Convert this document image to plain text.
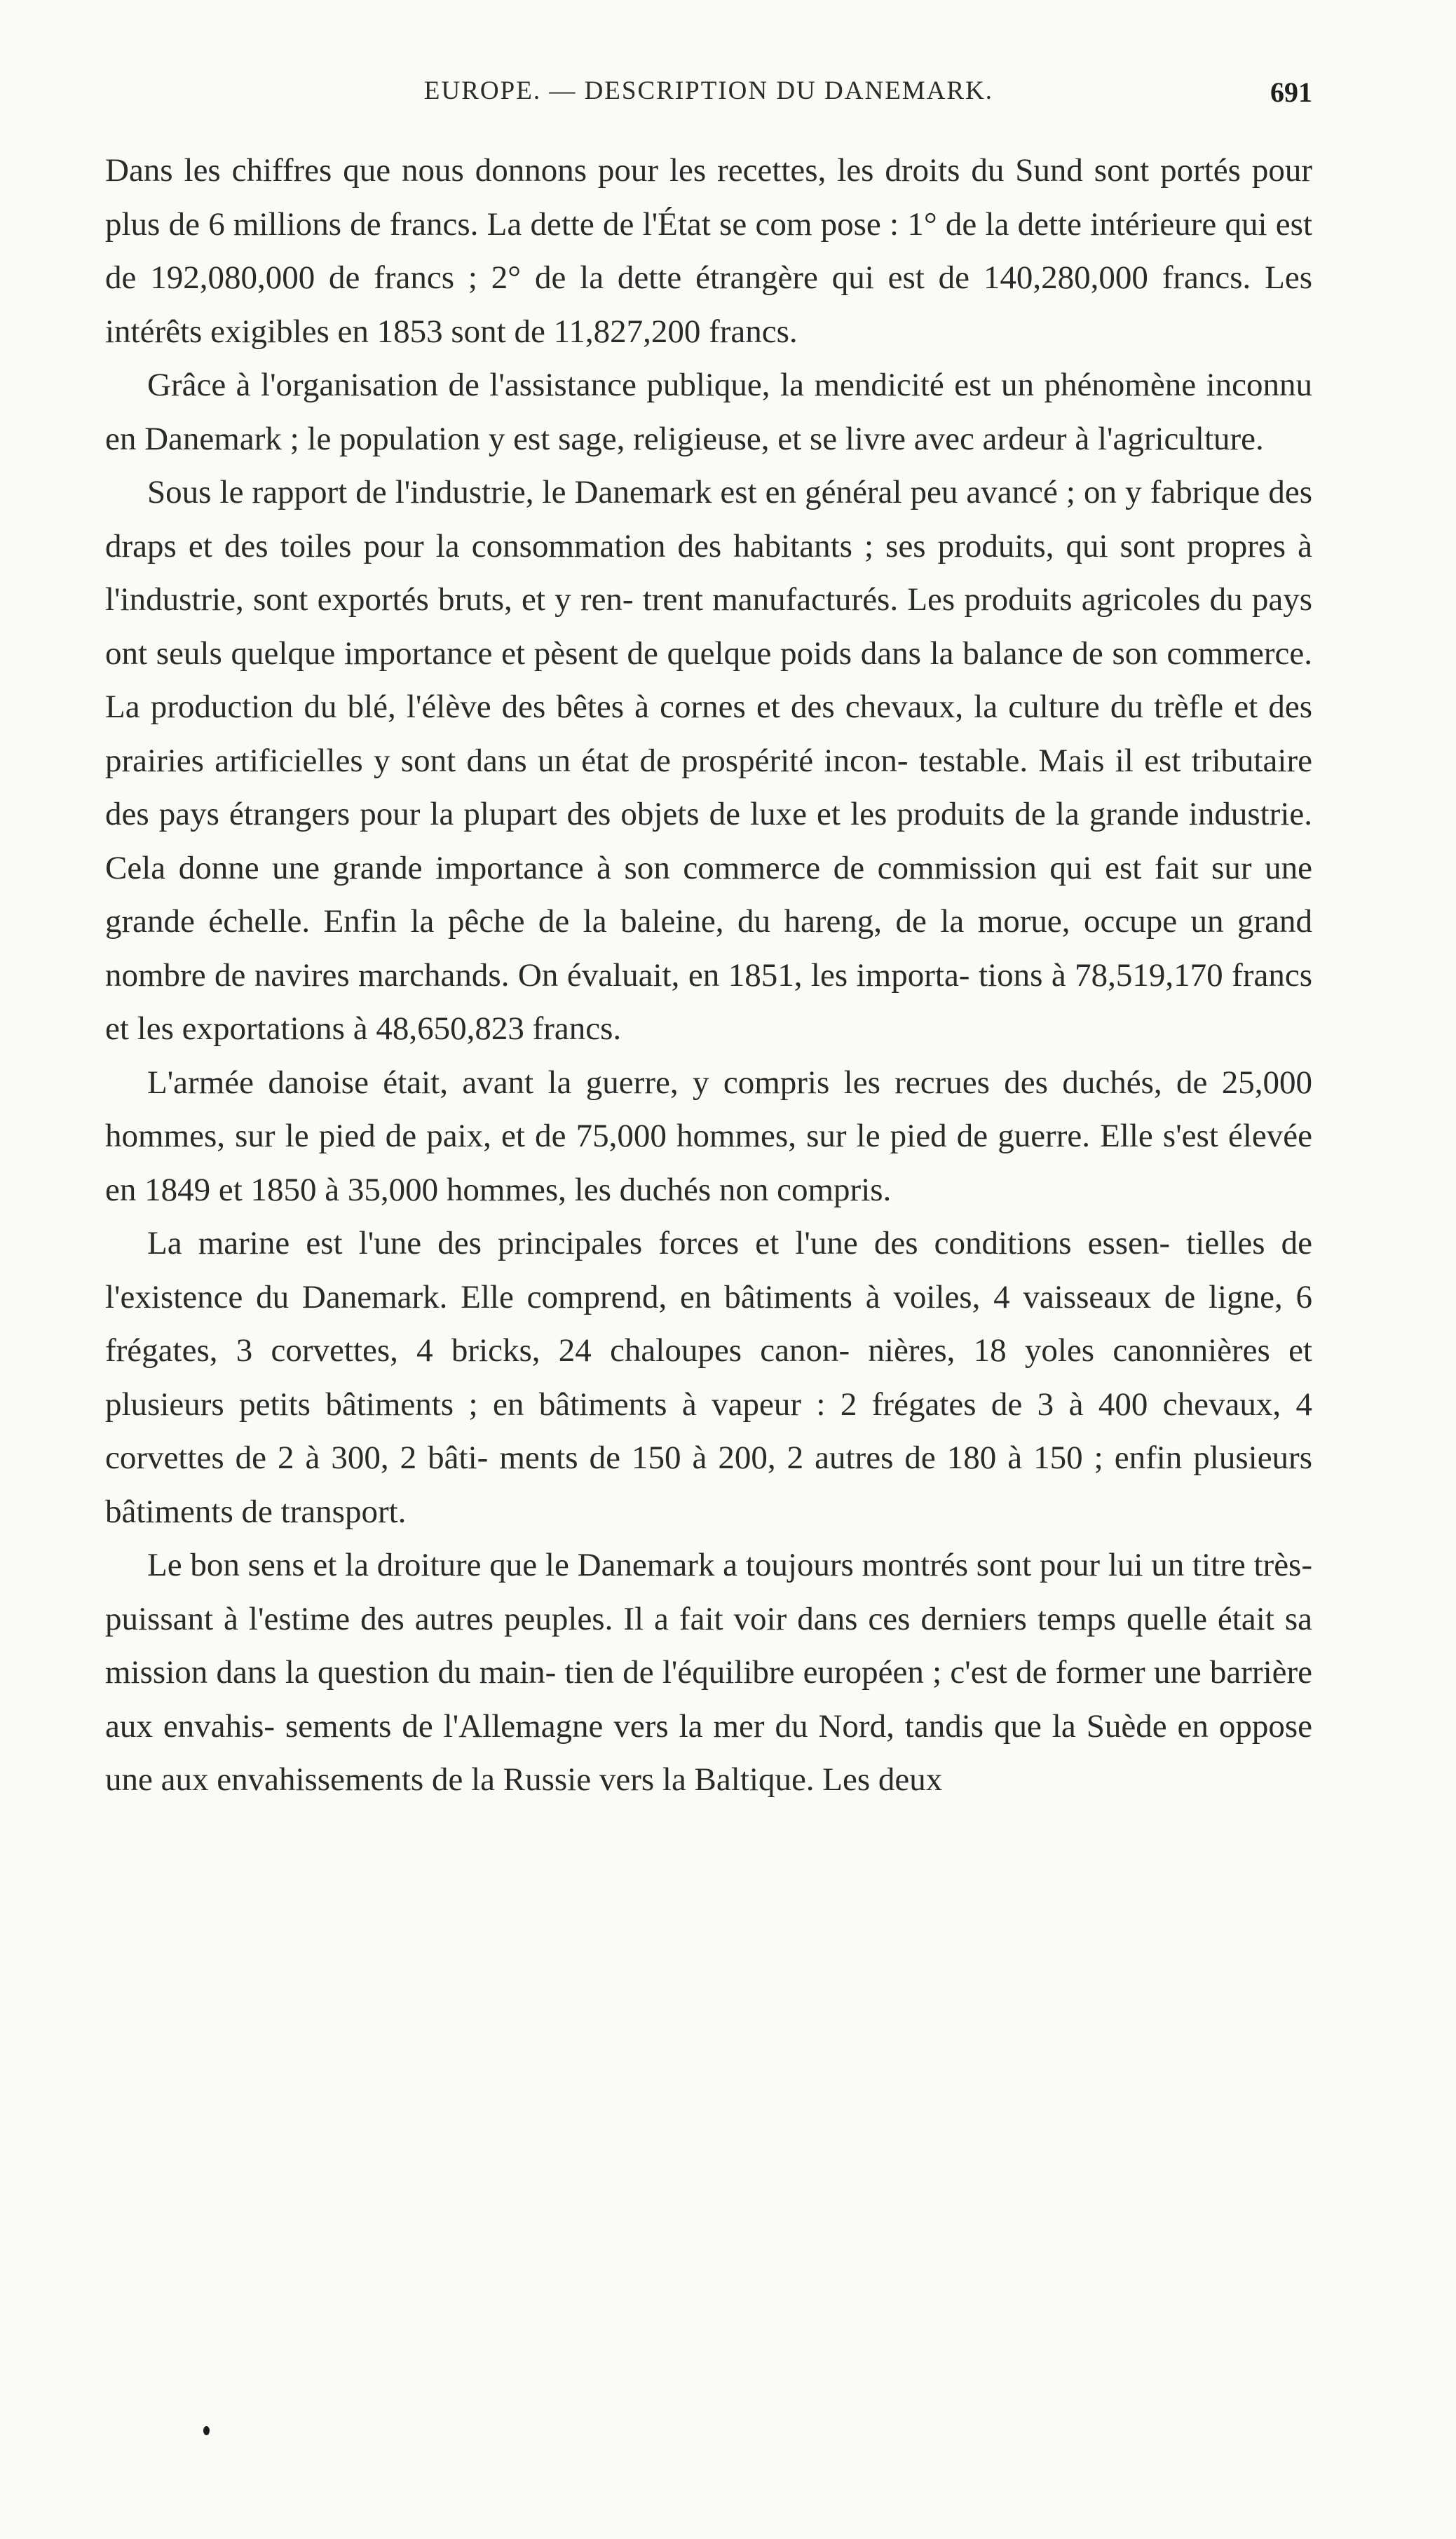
EUROPE. — DESCRIPTION DU DANEMARK.	691

Dans les chiffres que nous donnons pour les recettes, les droits du Sund sont portés pour plus de 6 millions de francs. La dette de l'État se com pose : 1° de la dette intérieure qui est de 192,080,000 de francs ; 2° de la dette étrangère qui est de 140,280,000 francs. Les intérêts exigibles en 1853 sont de 11,827,200 francs.

Grâce à l'organisation de l'assistance publique, la mendicité est un phénomène inconnu en Danemark ; le population y est sage, religieuse, et se livre avec ardeur à l'agriculture.

Sous le rapport de l'industrie, le Danemark est en général peu avancé ; on y fabrique des draps et des toiles pour la consommation des habitants ; ses produits, qui sont propres à l'industrie, sont exportés bruts, et y ren- trent manufacturés. Les produits agricoles du pays ont seuls quelque importance et pèsent de quelque poids dans la balance de son commerce. La production du blé, l'élève des bêtes à cornes et des chevaux, la culture du trèfle et des prairies artificielles y sont dans un état de prospérité incon- testable. Mais il est tributaire des pays étrangers pour la plupart des objets de luxe et les produits de la grande industrie. Cela donne une grande importance à son commerce de commission qui est fait sur une grande échelle. Enfin la pêche de la baleine, du hareng, de la morue, occupe un grand nombre de navires marchands. On évaluait, en 1851, les importa- tions à 78,519,170 francs et les exportations à 48,650,823 francs.

L'armée danoise était, avant la guerre, y compris les recrues des duchés, de 25,000 hommes, sur le pied de paix, et de 75,000 hommes, sur le pied de guerre. Elle s'est élevée en 1849 et 1850 à 35,000 hommes, les duchés non compris.

La marine est l'une des principales forces et l'une des conditions essen- tielles de l'existence du Danemark. Elle comprend, en bâtiments à voiles, 4 vaisseaux de ligne, 6 frégates, 3 corvettes, 4 bricks, 24 chaloupes canon- nières, 18 yoles canonnières et plusieurs petits bâtiments ; en bâtiments à vapeur : 2 frégates de 3 à 400 chevaux, 4 corvettes de 2 à 300, 2 bâti- ments de 150 à 200, 2 autres de 180 à 150 ; enfin plusieurs bâtiments de transport.

Le bon sens et la droiture que le Danemark a toujours montrés sont pour lui un titre très-puissant à l'estime des autres peuples. Il a fait voir dans ces derniers temps quelle était sa mission dans la question du main- tien de l'équilibre européen ; c'est de former une barrière aux envahis- sements de l'Allemagne vers la mer du Nord, tandis que la Suède en oppose une aux envahissements de la Russie vers la Baltique. Les deux
